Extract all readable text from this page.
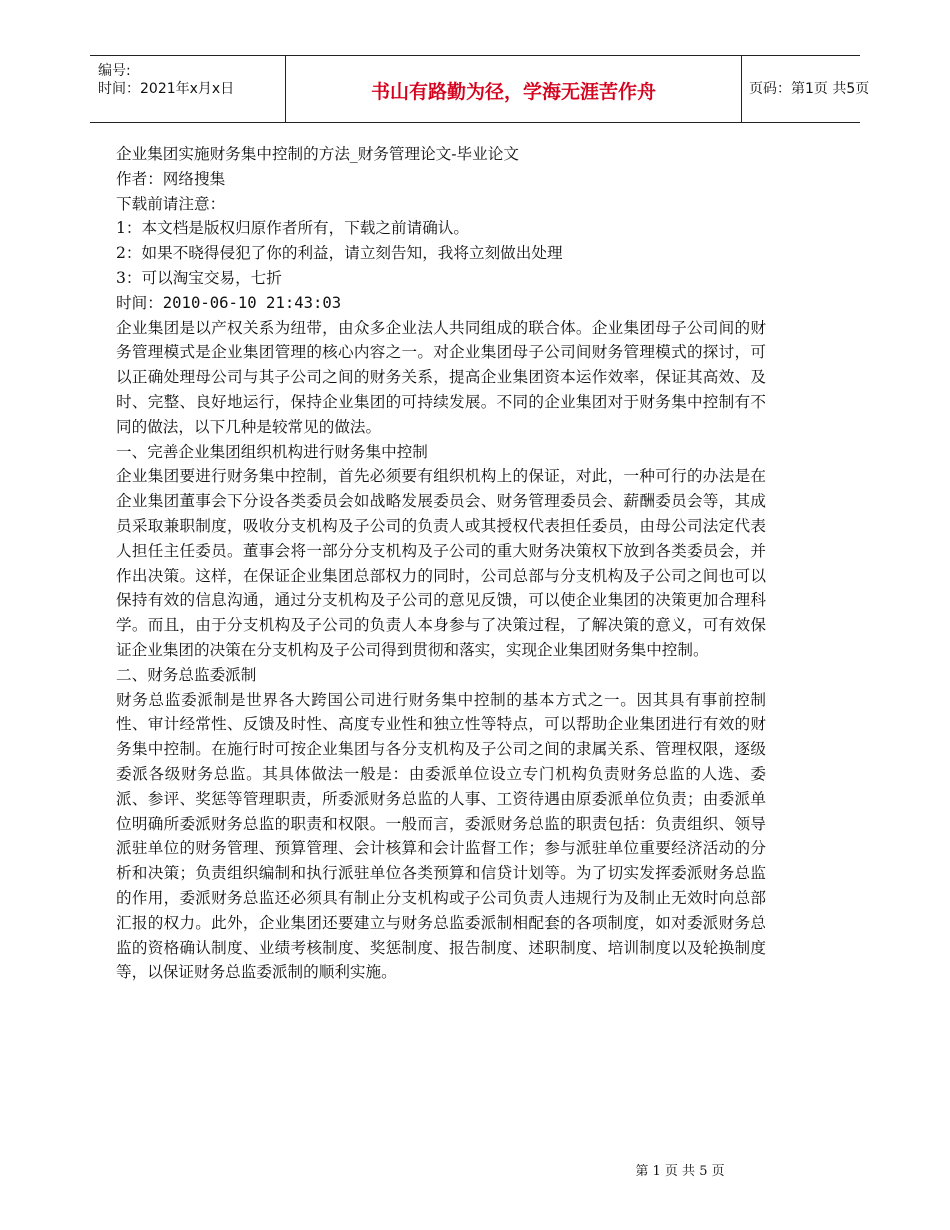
编号:
时间：2021年x月x日	书山有路勤为径，学海无涯苦作舟	页码：第1页 共5页
企业集团实施财务集中控制的方法_财务管理论文-毕业论文
作者：网络搜集
下载前请注意：
1：本文档是版权归原作者所有，下载之前请确认。
2：如果不晓得侵犯了你的利益，请立刻告知，我将立刻做出处理
3：可以淘宝交易，七折
时间：2010-06-10 21:43:03
企业集团是以产权关系为纽带，由众多企业法人共同组成的联合体。企业集团母子公司间的财务管理模式是企业集团管理的核心内容之一。对企业集团母子公司间财务管理模式的探讨，可以正确处理母公司与其子公司之间的财务关系，提高企业集团资本运作效率，保证其高效、及时、完整、良好地运行，保持企业集团的可持续发展。不同的企业集团对于财务集中控制有不同的做法，以下几种是较常见的做法。
一、完善企业集团组织机构进行财务集中控制
企业集团要进行财务集中控制，首先必须要有组织机构上的保证，对此，一种可行的办法是在企业集团董事会下分设各类委员会如战略发展委员会、财务管理委员会、薪酬委员会等，其成员采取兼职制度，吸收分支机构及子公司的负责人或其授权代表担任委员，由母公司法定代表人担任主任委员。董事会将一部分分支机构及子公司的重大财务决策权下放到各类委员会，并作出决策。这样，在保证企业集团总部权力的同时，公司总部与分支机构及子公司之间也可以保持有效的信息沟通，通过分支机构及子公司的意见反馈，可以使企业集团的决策更加合理科学。而且，由于分支机构及子公司的负责人本身参与了决策过程，了解决策的意义，可有效保证企业集团的决策在分支机构及子公司得到贯彻和落实，实现企业集团财务集中控制。
二、财务总监委派制
财务总监委派制是世界各大跨国公司进行财务集中控制的基本方式之一。因其具有事前控制性、审计经常性、反馈及时性、高度专业性和独立性等特点，可以帮助企业集团进行有效的财务集中控制。在施行时可按企业集团与各分支机构及子公司之间的隶属关系、管理权限，逐级委派各级财务总监。其具体做法一般是：由委派单位设立专门机构负责财务总监的人选、委派、参评、奖惩等管理职责，所委派财务总监的人事、工资待遇由原委派单位负责；由委派单位明确所委派财务总监的职责和权限。一般而言，委派财务总监的职责包括：负责组织、领导派驻单位的财务管理、预算管理、会计核算和会计监督工作；参与派驻单位重要经济活动的分析和决策；负责组织编制和执行派驻单位各类预算和信贷计划等。为了切实发挥委派财务总监的作用，委派财务总监还必须具有制止分支机构或子公司负责人违规行为及制止无效时向总部汇报的权力。此外，企业集团还要建立与财务总监委派制相配套的各项制度，如对委派财务总监的资格确认制度、业绩考核制度、奖惩制度、报告制度、述职制度、培训制度以及轮换制度等，以保证财务总监委派制的顺利实施。
第 1 页 共 5 页
